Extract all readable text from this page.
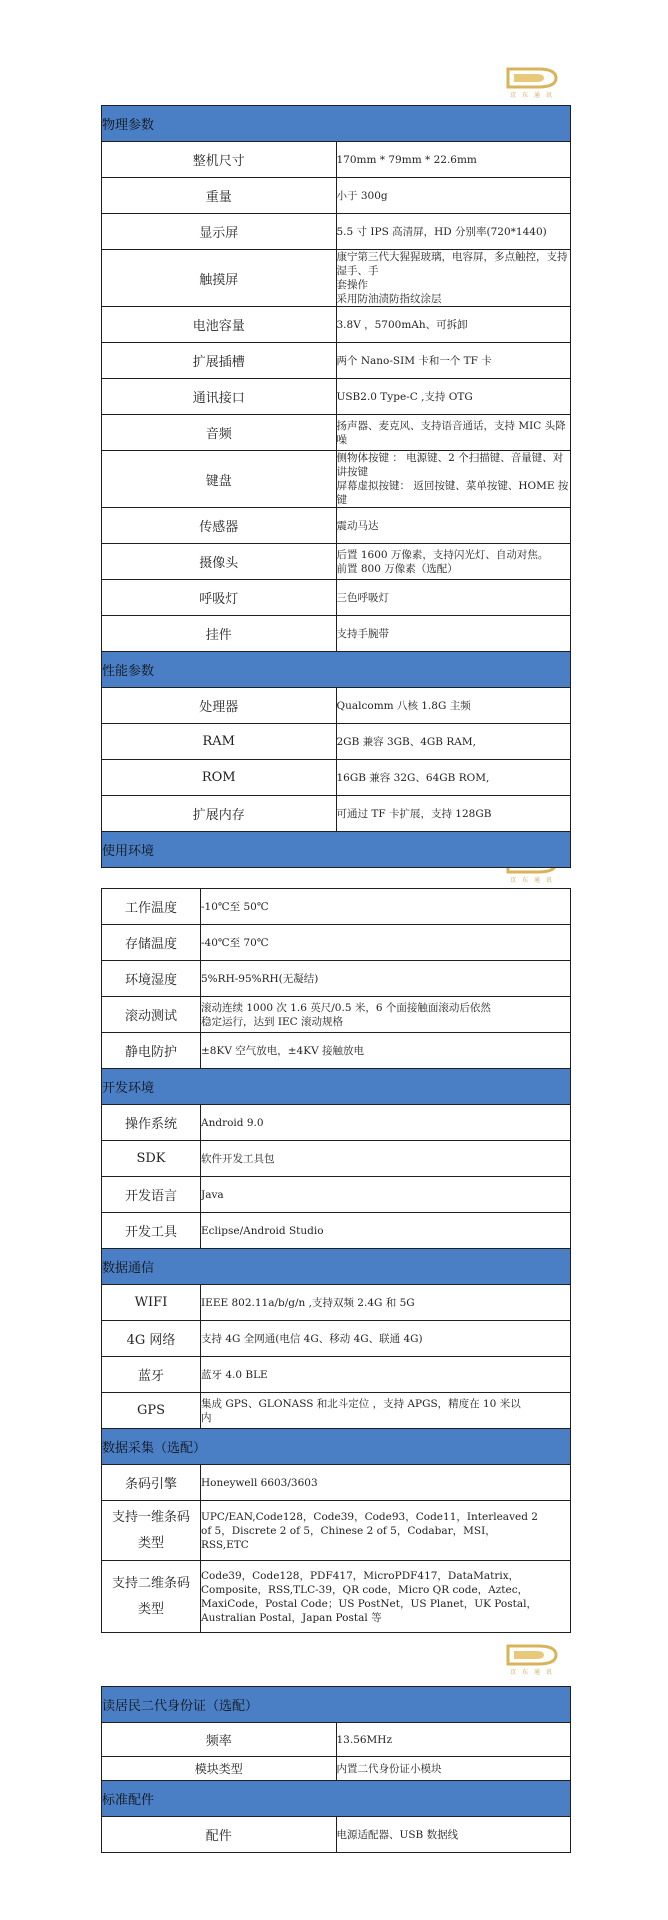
京 东 通 讯
京 东 通 讯
京 东 通 讯
物理参数	
整机尺寸	170mm * 79mm * 22.6mm

重量	小于 300g

显示屏	5.5 寸 IPS 高清屏，HD 分别率(720*1440)

触摸屏	康宁第三代大猩猩玻璃，电容屏，多点触控，支持湿手、手
套操作
采用防油渍防指纹涂层

电池容量	3.8V ，5700mAh、可拆卸

扩展插槽	两个 Nano-SIM 卡和一个 TF 卡

通讯接口	USB2.0 Type-C ,支持 OTG

音频	扬声器、麦克风、支持语音通话，支持 MIC 头降噪

键盘	侧物体按键 ： 电源键、2 个扫描键、音量键、对讲按键
屏幕虚拟按键： 返回按键、菜单按键、HOME 按键

传感器	震动马达

摄像头	后置 1600 万像素，支持闪光灯、自动对焦。
前置 800 万像素（选配）

呼吸灯	三色呼吸灯

挂件	支持手腕带

性能参数	
处理器	Qualcomm 八核 1.8G 主频

RAM	2GB 兼容 3GB、4GB RAM,

ROM	16GB 兼容 32G、64GB ROM,

扩展内存	可通过 TF 卡扩展，支持 128GB

使用环境	
工作温度	-10℃至 50℃

存储温度	-40℃至 70℃

环境湿度	5%RH-95%RH(无凝结)

滚动测试	滚动连续 1000 次 1.6 英尺/0.5 米，6 个面接触面滚动后依然
稳定运行，达到 IEC 滚动规格

静电防护	±8KV 空气放电，±4KV 接触放电

开发环境	
操作系统	Android 9.0

SDK	软件开发工具包

开发语言	Java

开发工具	Eclipse/Android Studio

数据通信	
WIFI	IEEE 802.11a/b/g/n ,支持双频 2.4G 和 5G

4G 网络	支持 4G 全网通(电信 4G、移动 4G、联通 4G)

蓝牙	蓝牙 4.0 BLE

GPS	集成 GPS、GLONASS 和北斗定位 ，支持 APGS，精度在 10 米以
内

数据采集（选配）	
条码引擎	Honeywell 6603/3603

支持一维条码类型	UPC/EAN,Code128，Code39，Code93，Code11，Interleaved 2
of 5，Discrete 2 of 5，Chinese 2 of 5，Codabar，MSI，
RSS,ETC

支持二维条码类型	Code39，Code128，PDF417，MicroPDF417，DataMatrix，
Composite，RSS,TLC-39，QR code，Micro QR code，Aztec，
MaxiCode，Postal Code；US PostNet，US Planet，UK Postal，
Australian Postal，Japan Postal 等
读居民二代身份证（选配）	
频率	13.56MHz

模块类型	内置二代身份证小模块

标准配件	
配件	电源适配器、USB 数据线
